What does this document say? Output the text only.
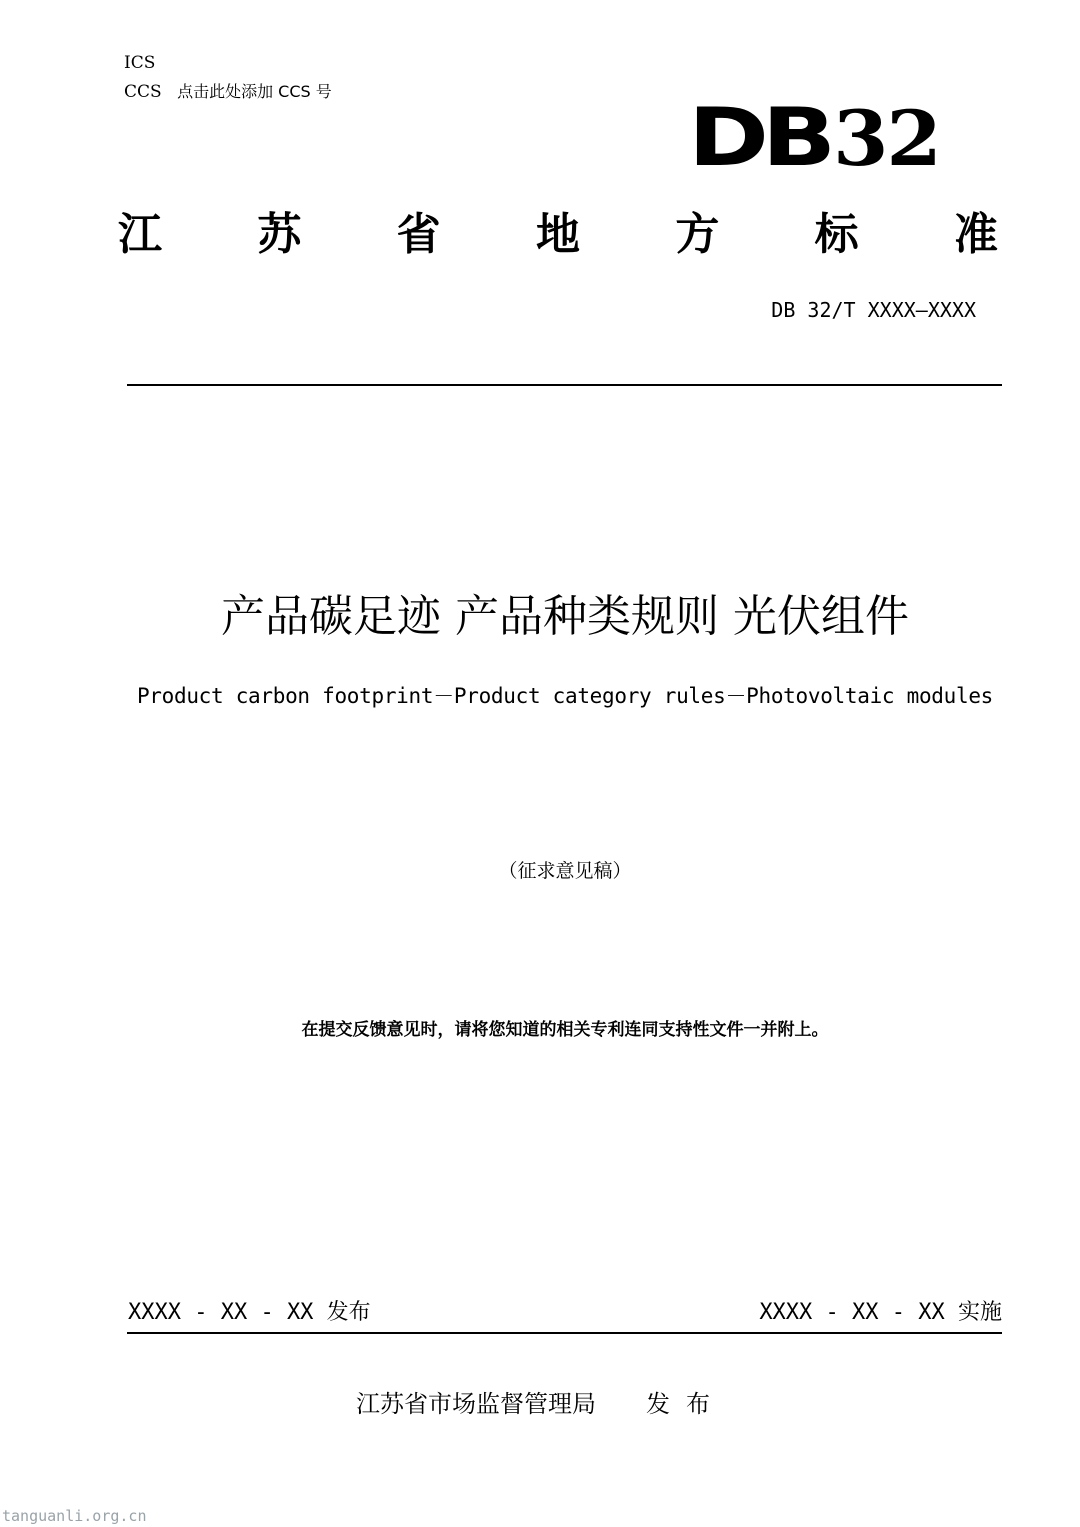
ICS
CCS 点击此处添加 CCS 号	DB32
江 苏 省 地 方 标 准
DB 32/T XXXX—XXXX
产品碳足迹 产品种类规则 光伏组件
Product carbon footprint－Product category rules－Photovoltaic modules
（征求意见稿）
在提交反馈意见时，请将您知道的相关专利连同支持性文件一并附上。
XXXX - XX - XX 发布	XXXX - XX - XX 实施
江苏省市场监督管理局 发布
tanguanli.org.cn
